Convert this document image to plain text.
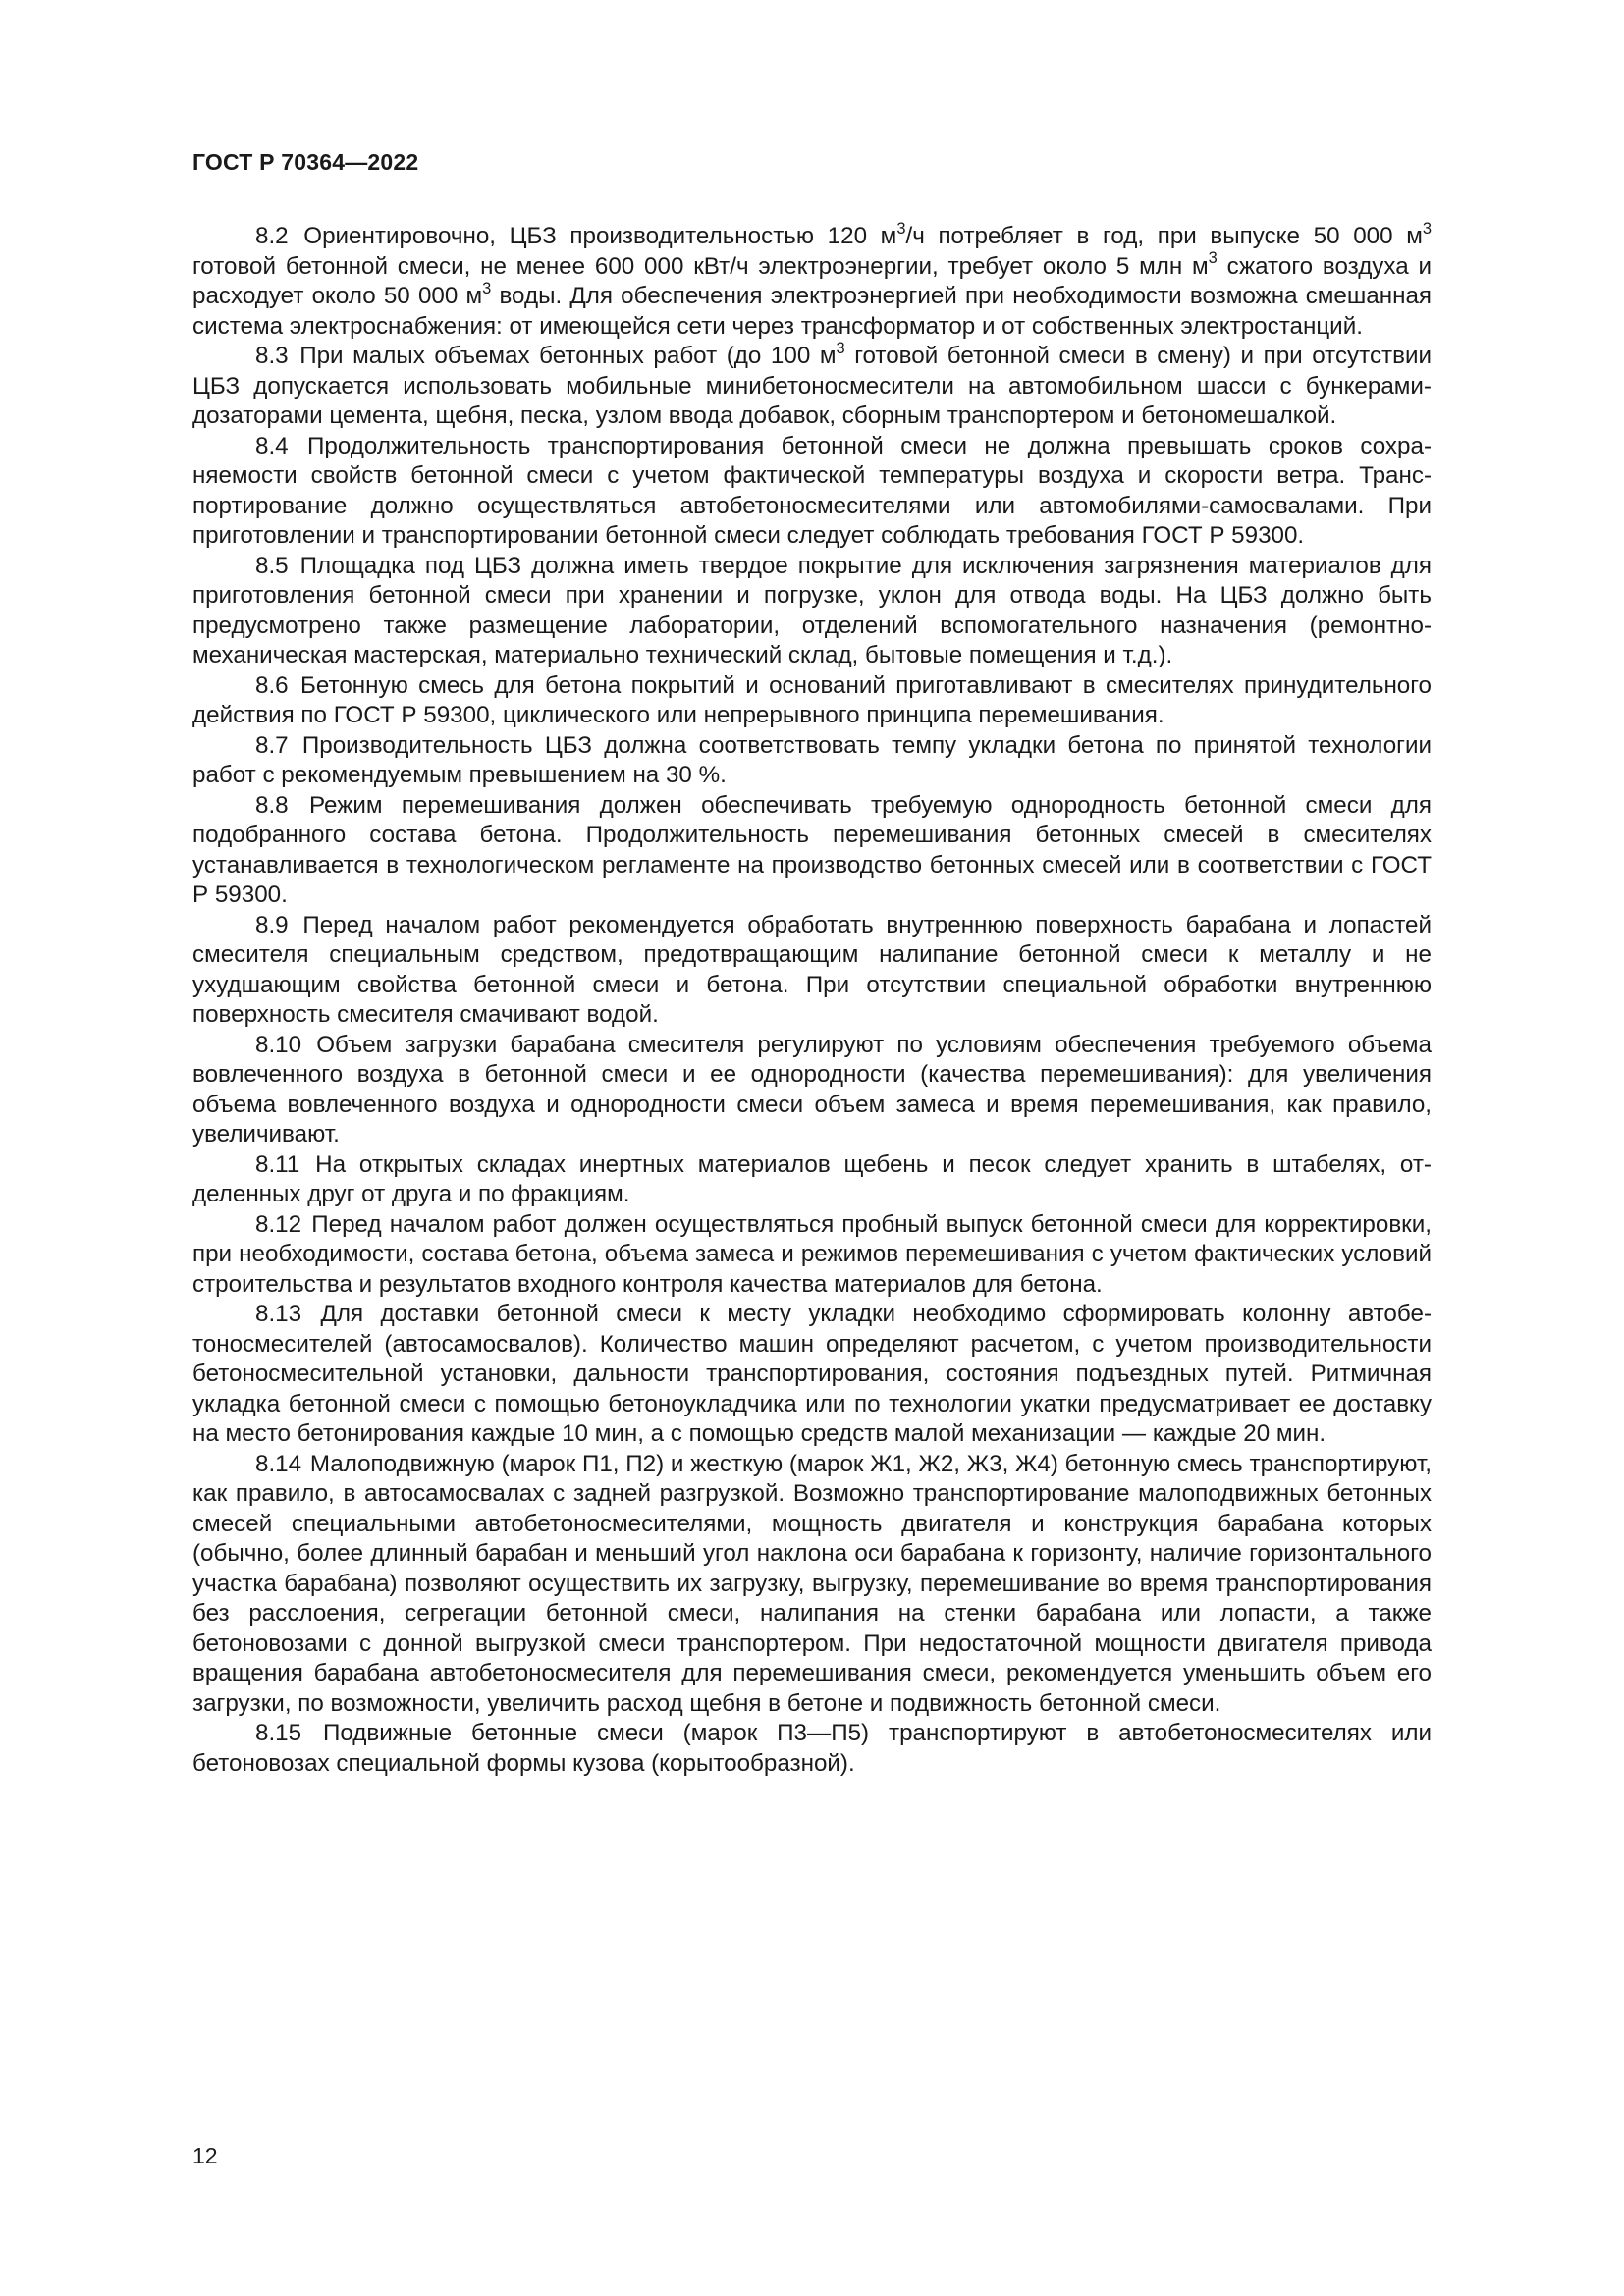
ГОСТ Р 70364—2022

8.2 Ориентировочно, ЦБЗ производительностью 120 $м^3/ч$ потребляет в год, при выпуске 50 000 $м^3$ готовой бетонной смеси, не менее 600 000 кВт/ч электроэнергии, требует около 5 млн $м^3$ сжатого воздуха и расходует около 50 000 $м^3$ воды. Для обеспечения электроэнергией при необходимости возможна смешанная система электроснабжения: от имеющейся сети через трансформатор и от собственных электростанций.

8.3 При малых объемах бетонных работ (до 100 $м^3$ готовой бетонной смеси в смену) и при отсутствии ЦБЗ допускается использовать мобильные минибетоносмесители на автомобильном шасси с бункерами-дозаторами цемента, щебня, песка, узлом ввода добавок, сборным транспортером и бетономешалкой.

8.4 Продолжительность транспортирования бетонной смеси не должна превышать сроков сохраняемости свойств бетонной смеси с учетом фактической температуры воздуха и скорости ветра. Транспортирование должно осуществляться автобетоносмесителями или автомобилями-самосвалами. При приготовлении и транспортировании бетонной смеси следует соблюдать требования ГОСТ Р 59300.

8.5 Площадка под ЦБЗ должна иметь твердое покрытие для исключения загрязнения материалов для приготовления бетонной смеси при хранении и погрузке, уклон для отвода воды. На ЦБЗ должно быть предусмотрено также размещение лаборатории, отделений вспомогательного назначения (ремонтно-механическая мастерская, материально технический склад, бытовые помещения и т.д.).

8.6 Бетонную смесь для бетона покрытий и оснований приготавливают в смесителях принудительного действия по ГОСТ Р 59300, циклического или непрерывного принципа перемешивания.

8.7 Производительность ЦБЗ должна соответствовать темпу укладки бетона по принятой технологии работ с рекомендуемым превышением на 30 %.

8.8 Режим перемешивания должен обеспечивать требуемую однородность бетонной смеси для подобранного состава бетона. Продолжительность перемешивания бетонных смесей в смесителях устанавливается в технологическом регламенте на производство бетонных смесей или в соответствии с ГОСТ Р 59300.

8.9 Перед началом работ рекомендуется обработать внутреннюю поверхность барабана и лопастей смесителя специальным средством, предотвращающим налипание бетонной смеси к металлу и не ухудшающим свойства бетонной смеси и бетона. При отсутствии специальной обработки внутреннюю поверхность смесителя смачивают водой.

8.10 Объем загрузки барабана смесителя регулируют по условиям обеспечения требуемого объема вовлеченного воздуха в бетонной смеси и ее однородности (качества перемешивания): для увеличения объема вовлеченного воздуха и однородности смеси объем замеса и время перемешивания, как правило, увеличивают.

8.11 На открытых складах инертных материалов щебень и песок следует хранить в штабелях, отделенных друг от друга и по фракциям.

8.12 Перед началом работ должен осуществляться пробный выпуск бетонной смеси для корректировки, при необходимости, состава бетона, объема замеса и режимов перемешивания с учетом фактических условий строительства и результатов входного контроля качества материалов для бетона.

8.13 Для доставки бетонной смеси к месту укладки необходимо сформировать колонну автобетоносмесителей (автосамосвалов). Количество машин определяют расчетом, с учетом производительности бетоносмесительной установки, дальности транспортирования, состояния подъездных путей. Ритмичная укладка бетонной смеси с помощью бетоноукладчика или по технологии укатки предусматривает ее доставку на место бетонирования каждые 10 мин, а с помощью средств малой механизации — каждые 20 мин.

8.14 Малоподвижную (марок П1, П2) и жесткую (марок Ж1, Ж2, Ж3, Ж4) бетонную смесь транспортируют, как правило, в автосамосвалах с задней разгрузкой. Возможно транспортирование малоподвижных бетонных смесей специальными автобетоносмесителями, мощность двигателя и конструкция барабана которых (обычно, более длинный барабан и меньший угол наклона оси барабана к горизонту, наличие горизонтального участка барабана) позволяют осуществить их загрузку, выгрузку, перемешивание во время транспортирования без расслоения, сегрегации бетонной смеси, налипания на стенки барабана или лопасти, а также бетоновозами с донной выгрузкой смеси транспортером. При недостаточной мощности двигателя привода вращения барабана автобетоносмесителя для перемешивания смеси, рекомендуется уменьшить объем его загрузки, по возможности, увеличить расход щебня в бетоне и подвижность бетонной смеси.

8.15 Подвижные бетонные смеси (марок П3—П5) транспортируют в автобетоносмесителях или бетоновозах специальной формы кузова (корытообразной).

12
